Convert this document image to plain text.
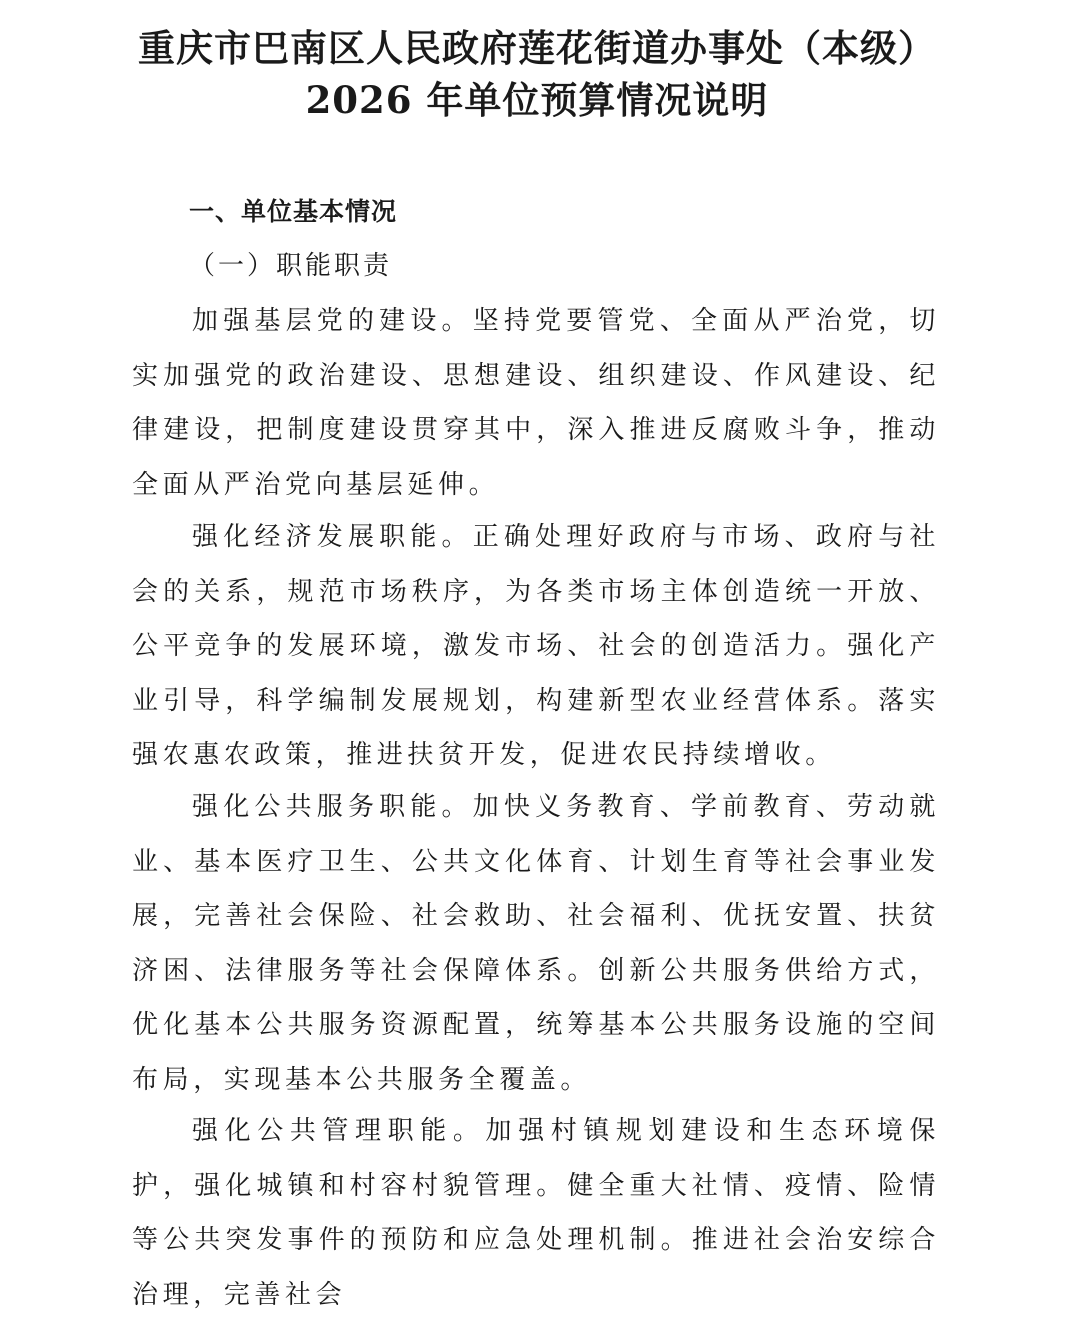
重庆市巴南区人民政府莲花街道办事处（本级）
2026 年单位预算情况说明
一、单位基本情况
（一）职能职责

加强基层党的建设。坚持党要管党、全面从严治党，切实加强党的政治建设、思想建设、组织建设、作风建设、纪律建设，把制度建设贯穿其中，深入推进反腐败斗争，推动全面从严治党向基层延伸。

强化经济发展职能。正确处理好政府与市场、政府与社会的关系，规范市场秩序，为各类市场主体创造统一开放、公平竞争的发展环境，激发市场、社会的创造活力。强化产业引导，科学编制发展规划，构建新型农业经营体系。落实强农惠农政策，推进扶贫开发，促进农民持续增收。

强化公共服务职能。加快义务教育、学前教育、劳动就业、基本医疗卫生、公共文化体育、计划生育等社会事业发展，完善社会保险、社会救助、社会福利、优抚安置、扶贫济困、法律服务等社会保障体系。创新公共服务供给方式，优化基本公共服务资源配置，统筹基本公共服务设施的空间布局，实现基本公共服务全覆盖。

强化公共管理职能。加强村镇规划建设和生态环境保护，强化城镇和村容村貌管理。健全重大社情、疫情、险情等公共突发事件的预防和应急处理机制。推进社会治安综合治理，完善社会
